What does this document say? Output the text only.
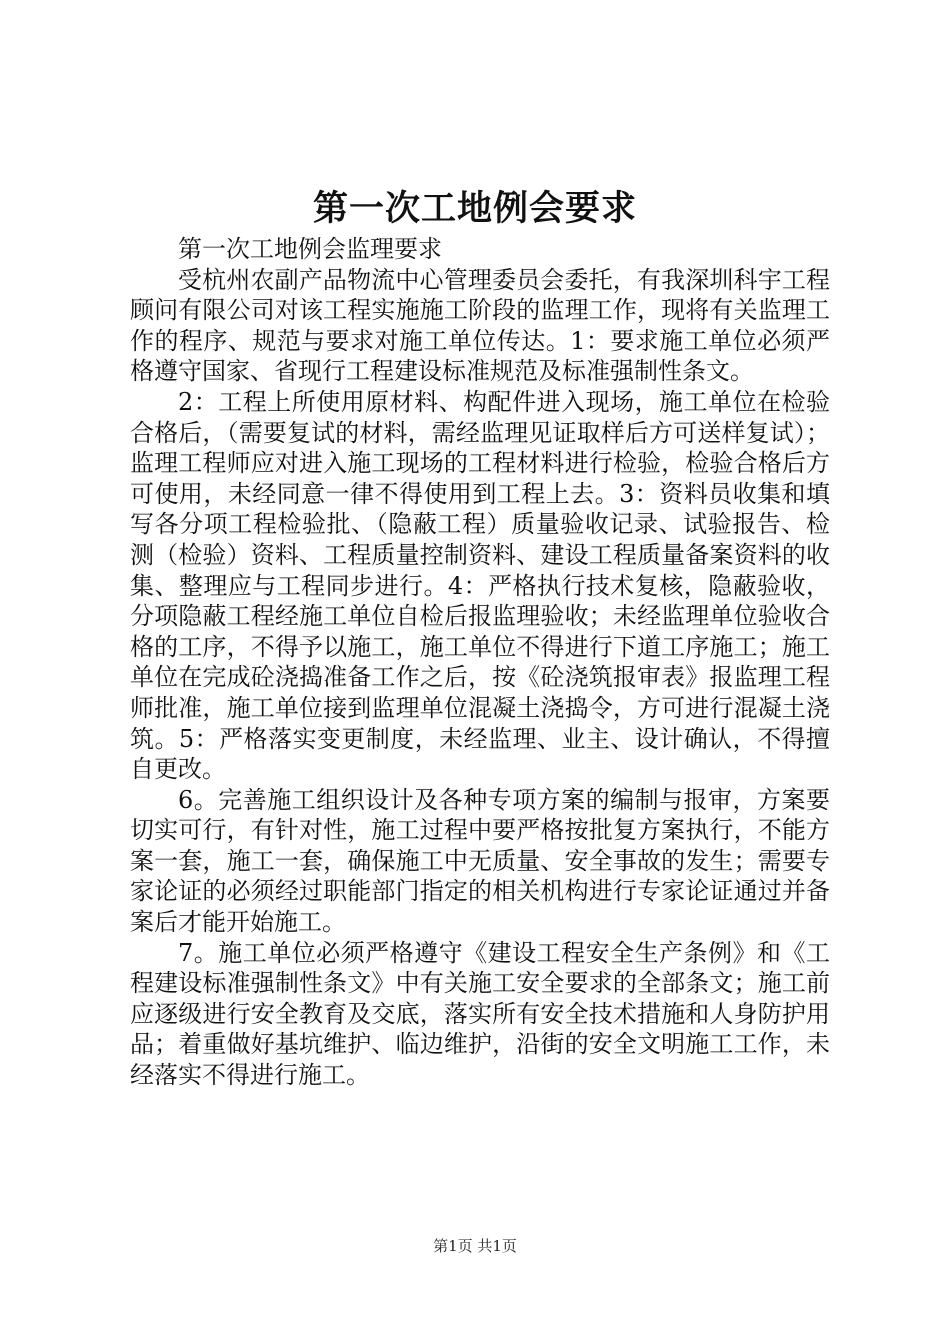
第一次工地例会要求

第一次工地例会监理要求

受杭州农副产品物流中心管理委员会委托，有我深圳科宇工程顾问有限公司对该工程实施施工阶段的监理工作，现将有关监理工作的程序、规范与要求对施工单位传达。1：要求施工单位必须严格遵守国家、省现行工程建设标准规范及标准强制性条文。

2：工程上所使用原材料、构配件进入现场，施工单位在检验合格后，（需要复试的材料，需经监理见证取样后方可送样复试）；监理工程师应对进入施工现场的工程材料进行检验，检验合格后方可使用，未经同意一律不得使用到工程上去。3：资料员收集和填写各分项工程检验批、（隐蔽工程）质量验收记录、试验报告、检测（检验）资料、工程质量控制资料、建设工程质量备案资料的收集、整理应与工程同步进行。4：严格执行技术复核，隐蔽验收，分项隐蔽工程经施工单位自检后报监理验收；未经监理单位验收合格的工序，不得予以施工，施工单位不得进行下道工序施工；施工单位在完成砼浇捣准备工作之后，按《砼浇筑报审表》报监理工程师批准，施工单位接到监理单位混凝土浇捣令，方可进行混凝土浇筑。5：严格落实变更制度，未经监理、业主、设计确认，不得擅自更改。

6。完善施工组织设计及各种专项方案的编制与报审，方案要切实可行，有针对性，施工过程中要严格按批复方案执行，不能方案一套，施工一套，确保施工中无质量、安全事故的发生；需要专家论证的必须经过职能部门指定的相关机构进行专家论证通过并备案后才能开始施工。

7。施工单位必须严格遵守《建设工程安全生产条例》和《工程建设标准强制性条文》中有关施工安全要求的全部条文；施工前应逐级进行安全教育及交底，落实所有安全技术措施和人身防护用品；着重做好基坑维护、临边维护，沿街的安全文明施工工作，未经落实不得进行施工。

第1页 共1页
